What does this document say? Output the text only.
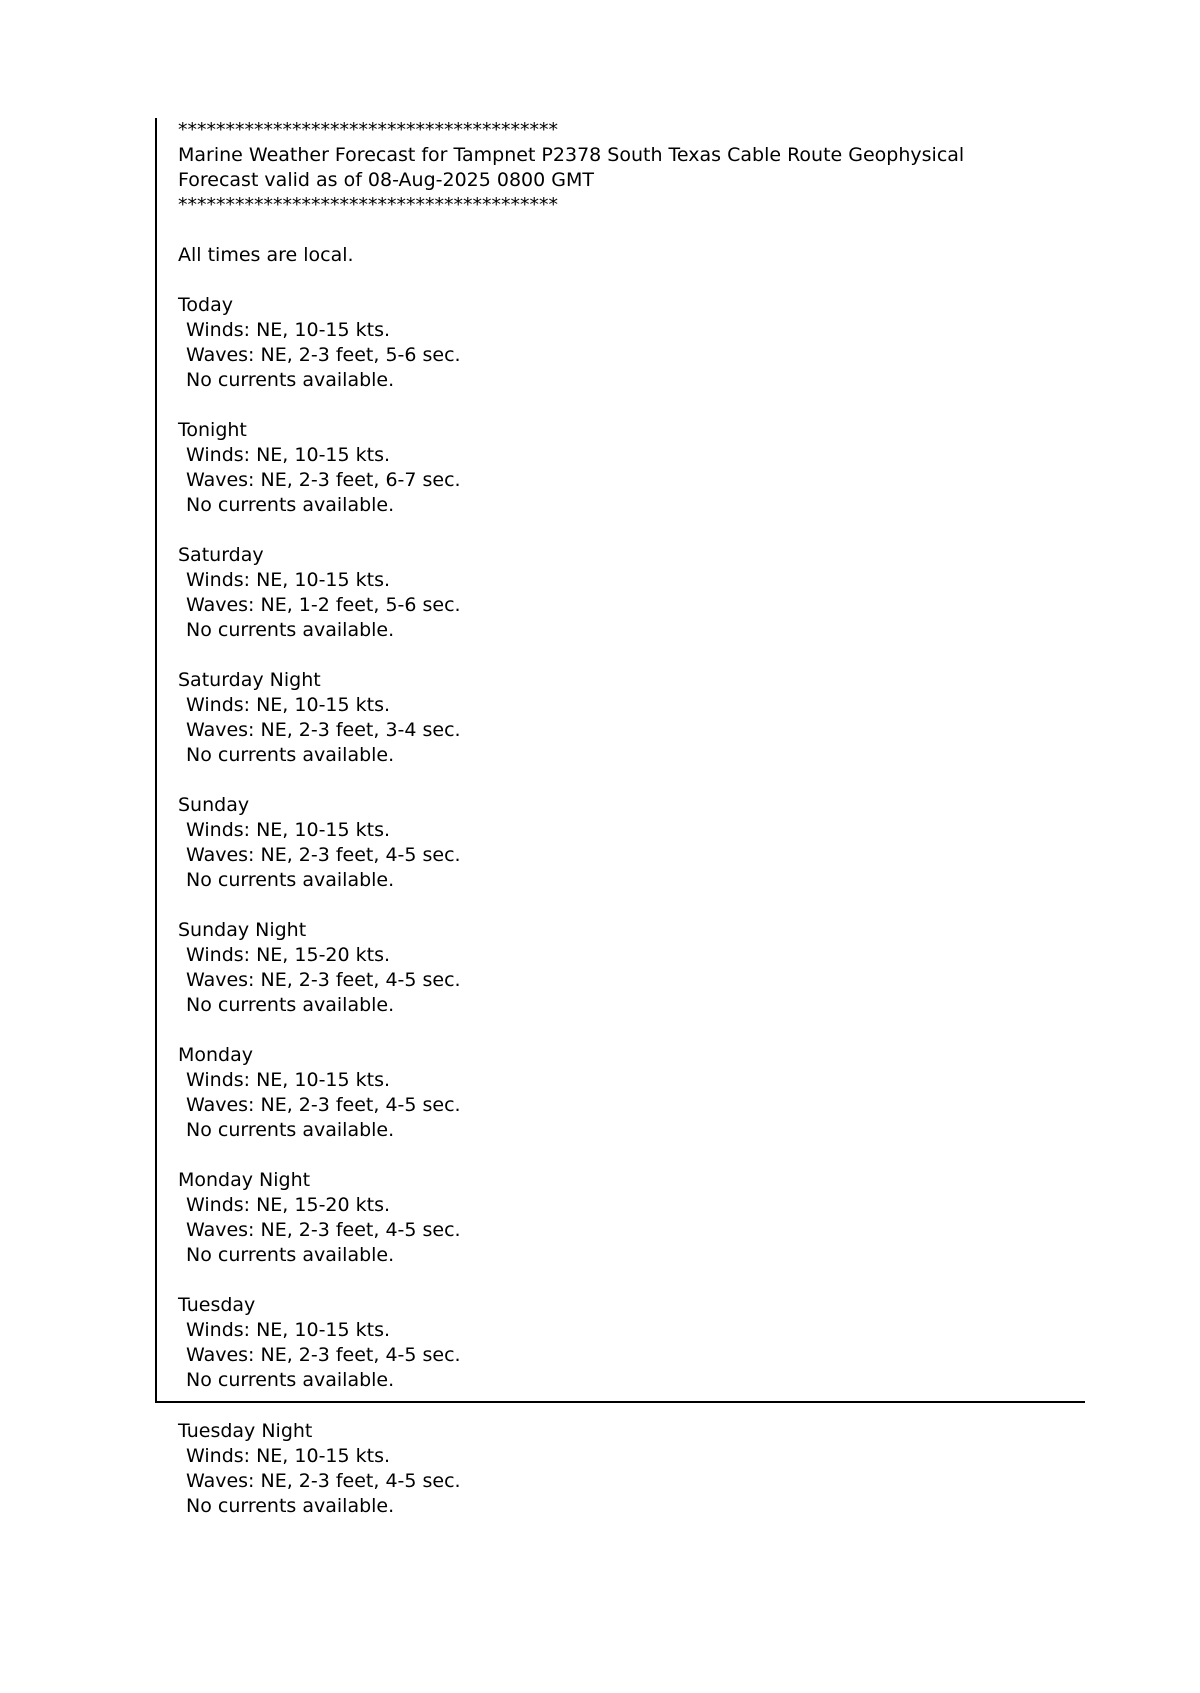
****************************************
Marine Weather Forecast for Tampnet P2378 South Texas Cable Route Geophysical
Forecast valid as of 08-Aug-2025 0800 GMT
****************************************
All times are local.
Today
Winds: NE, 10-15 kts.
Waves: NE, 2-3 feet, 5-6 sec.
No currents available.
Tonight
Winds: NE, 10-15 kts.
Waves: NE, 2-3 feet, 6-7 sec.
No currents available.
Saturday
Winds: NE, 10-15 kts.
Waves: NE, 1-2 feet, 5-6 sec.
No currents available.
Saturday Night
Winds: NE, 10-15 kts.
Waves: NE, 2-3 feet, 3-4 sec.
No currents available.
Sunday
Winds: NE, 10-15 kts.
Waves: NE, 2-3 feet, 4-5 sec.
No currents available.
Sunday Night
Winds: NE, 15-20 kts.
Waves: NE, 2-3 feet, 4-5 sec.
No currents available.
Monday
Winds: NE, 10-15 kts.
Waves: NE, 2-3 feet, 4-5 sec.
No currents available.
Monday Night
Winds: NE, 15-20 kts.
Waves: NE, 2-3 feet, 4-5 sec.
No currents available.
Tuesday
Winds: NE, 10-15 kts.
Waves: NE, 2-3 feet, 4-5 sec.
No currents available.
Tuesday Night
Winds: NE, 10-15 kts.
Waves: NE, 2-3 feet, 4-5 sec.
No currents available.
